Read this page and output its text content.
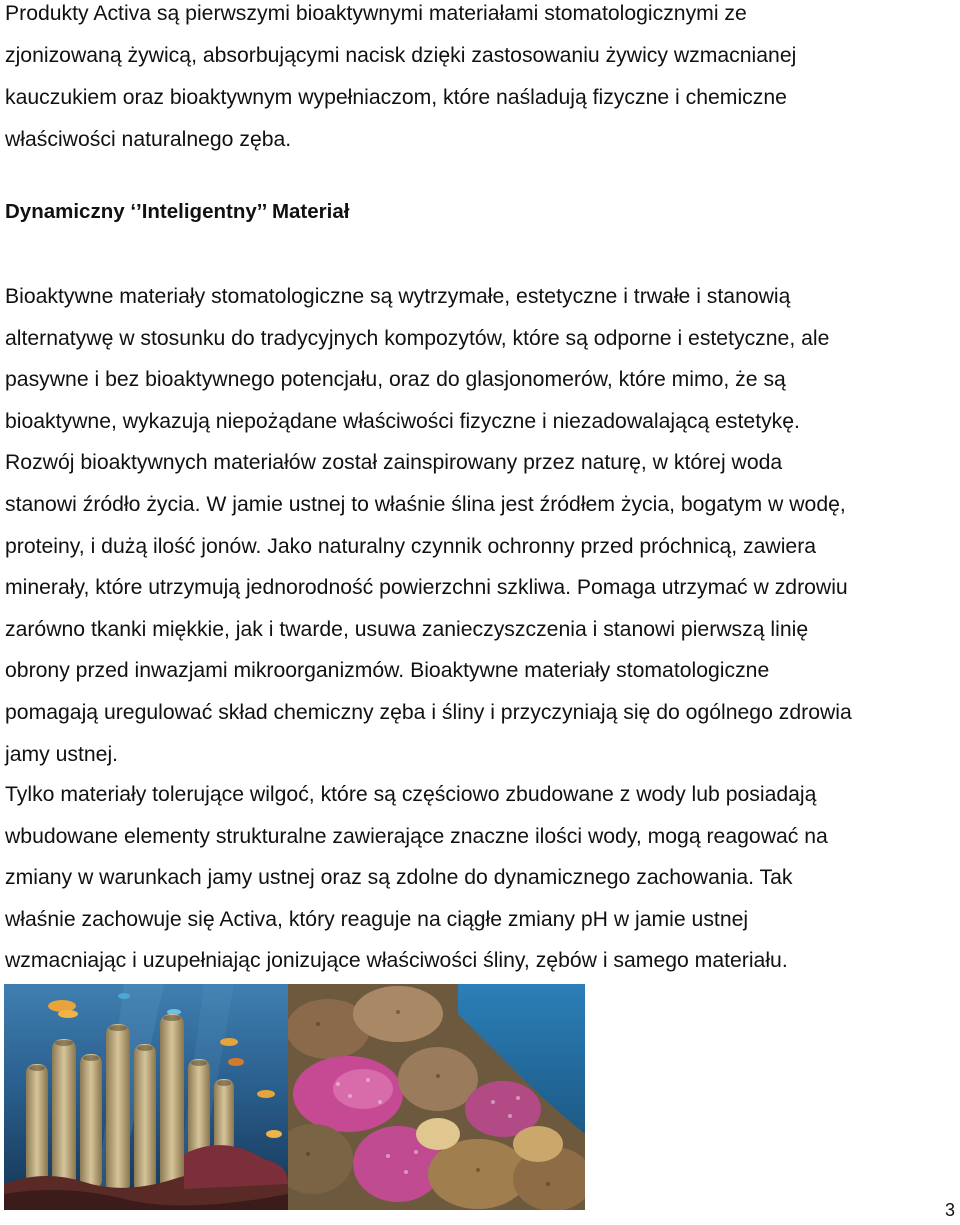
Produkty Activa są pierwszymi bioaktywnymi materiałami stomatologicznymi ze
zjonizowaną żywicą, absorbującymi nacisk dzięki zastosowaniu żywicy wzmacnianej
kauczukiem oraz bioaktywnym wypełniaczom, które naśladują fizyczne i chemiczne
właściwości naturalnego zęba.
Dynamiczny ‘’Inteligentny’’ Materiał
Bioaktywne materiały stomatologiczne są wytrzymałe, estetyczne i trwałe i stanowią
alternatywę w stosunku do tradycyjnych kompozytów, które są odporne i estetyczne, ale
pasywne i bez bioaktywnego potencjału, oraz do glasjonomerów, które mimo, że są
bioaktywne, wykazują niepożądane właściwości fizyczne i niezadowalającą estetykę.
Rozwój bioaktywnych materiałów został zainspirowany przez naturę, w której woda
stanowi źródło życia. W jamie ustnej to właśnie ślina jest źródłem życia, bogatym w wodę,
proteiny, i dużą ilość jonów. Jako naturalny czynnik ochronny przed próchnicą, zawiera
minerały, które utrzymują jednorodność powierzchni szkliwa. Pomaga utrzymać w zdrowiu
zarówno tkanki miękkie, jak i twarde, usuwa zanieczyszczenia i stanowi pierwszą linię
obrony przed inwazjami mikroorganizmów. Bioaktywne materiały stomatologiczne
pomagają uregulować skład chemiczny zęba i śliny i przyczyniają się do ogólnego zdrowia
jamy ustnej.
Tylko materiały tolerujące wilgoć, które są częściowo zbudowane z wody lub posiadają
wbudowane elementy strukturalne zawierające znaczne ilości wody, mogą reagować na
zmiany w warunkach jamy ustnej oraz są zdolne do dynamicznego zachowania. Tak
właśnie zachowuje się Activa, który reaguje na ciągłe zmiany pH w jamie ustnej
wzmacniając i uzupełniając jonizujące właściwości śliny, zębów i samego materiału.
3
